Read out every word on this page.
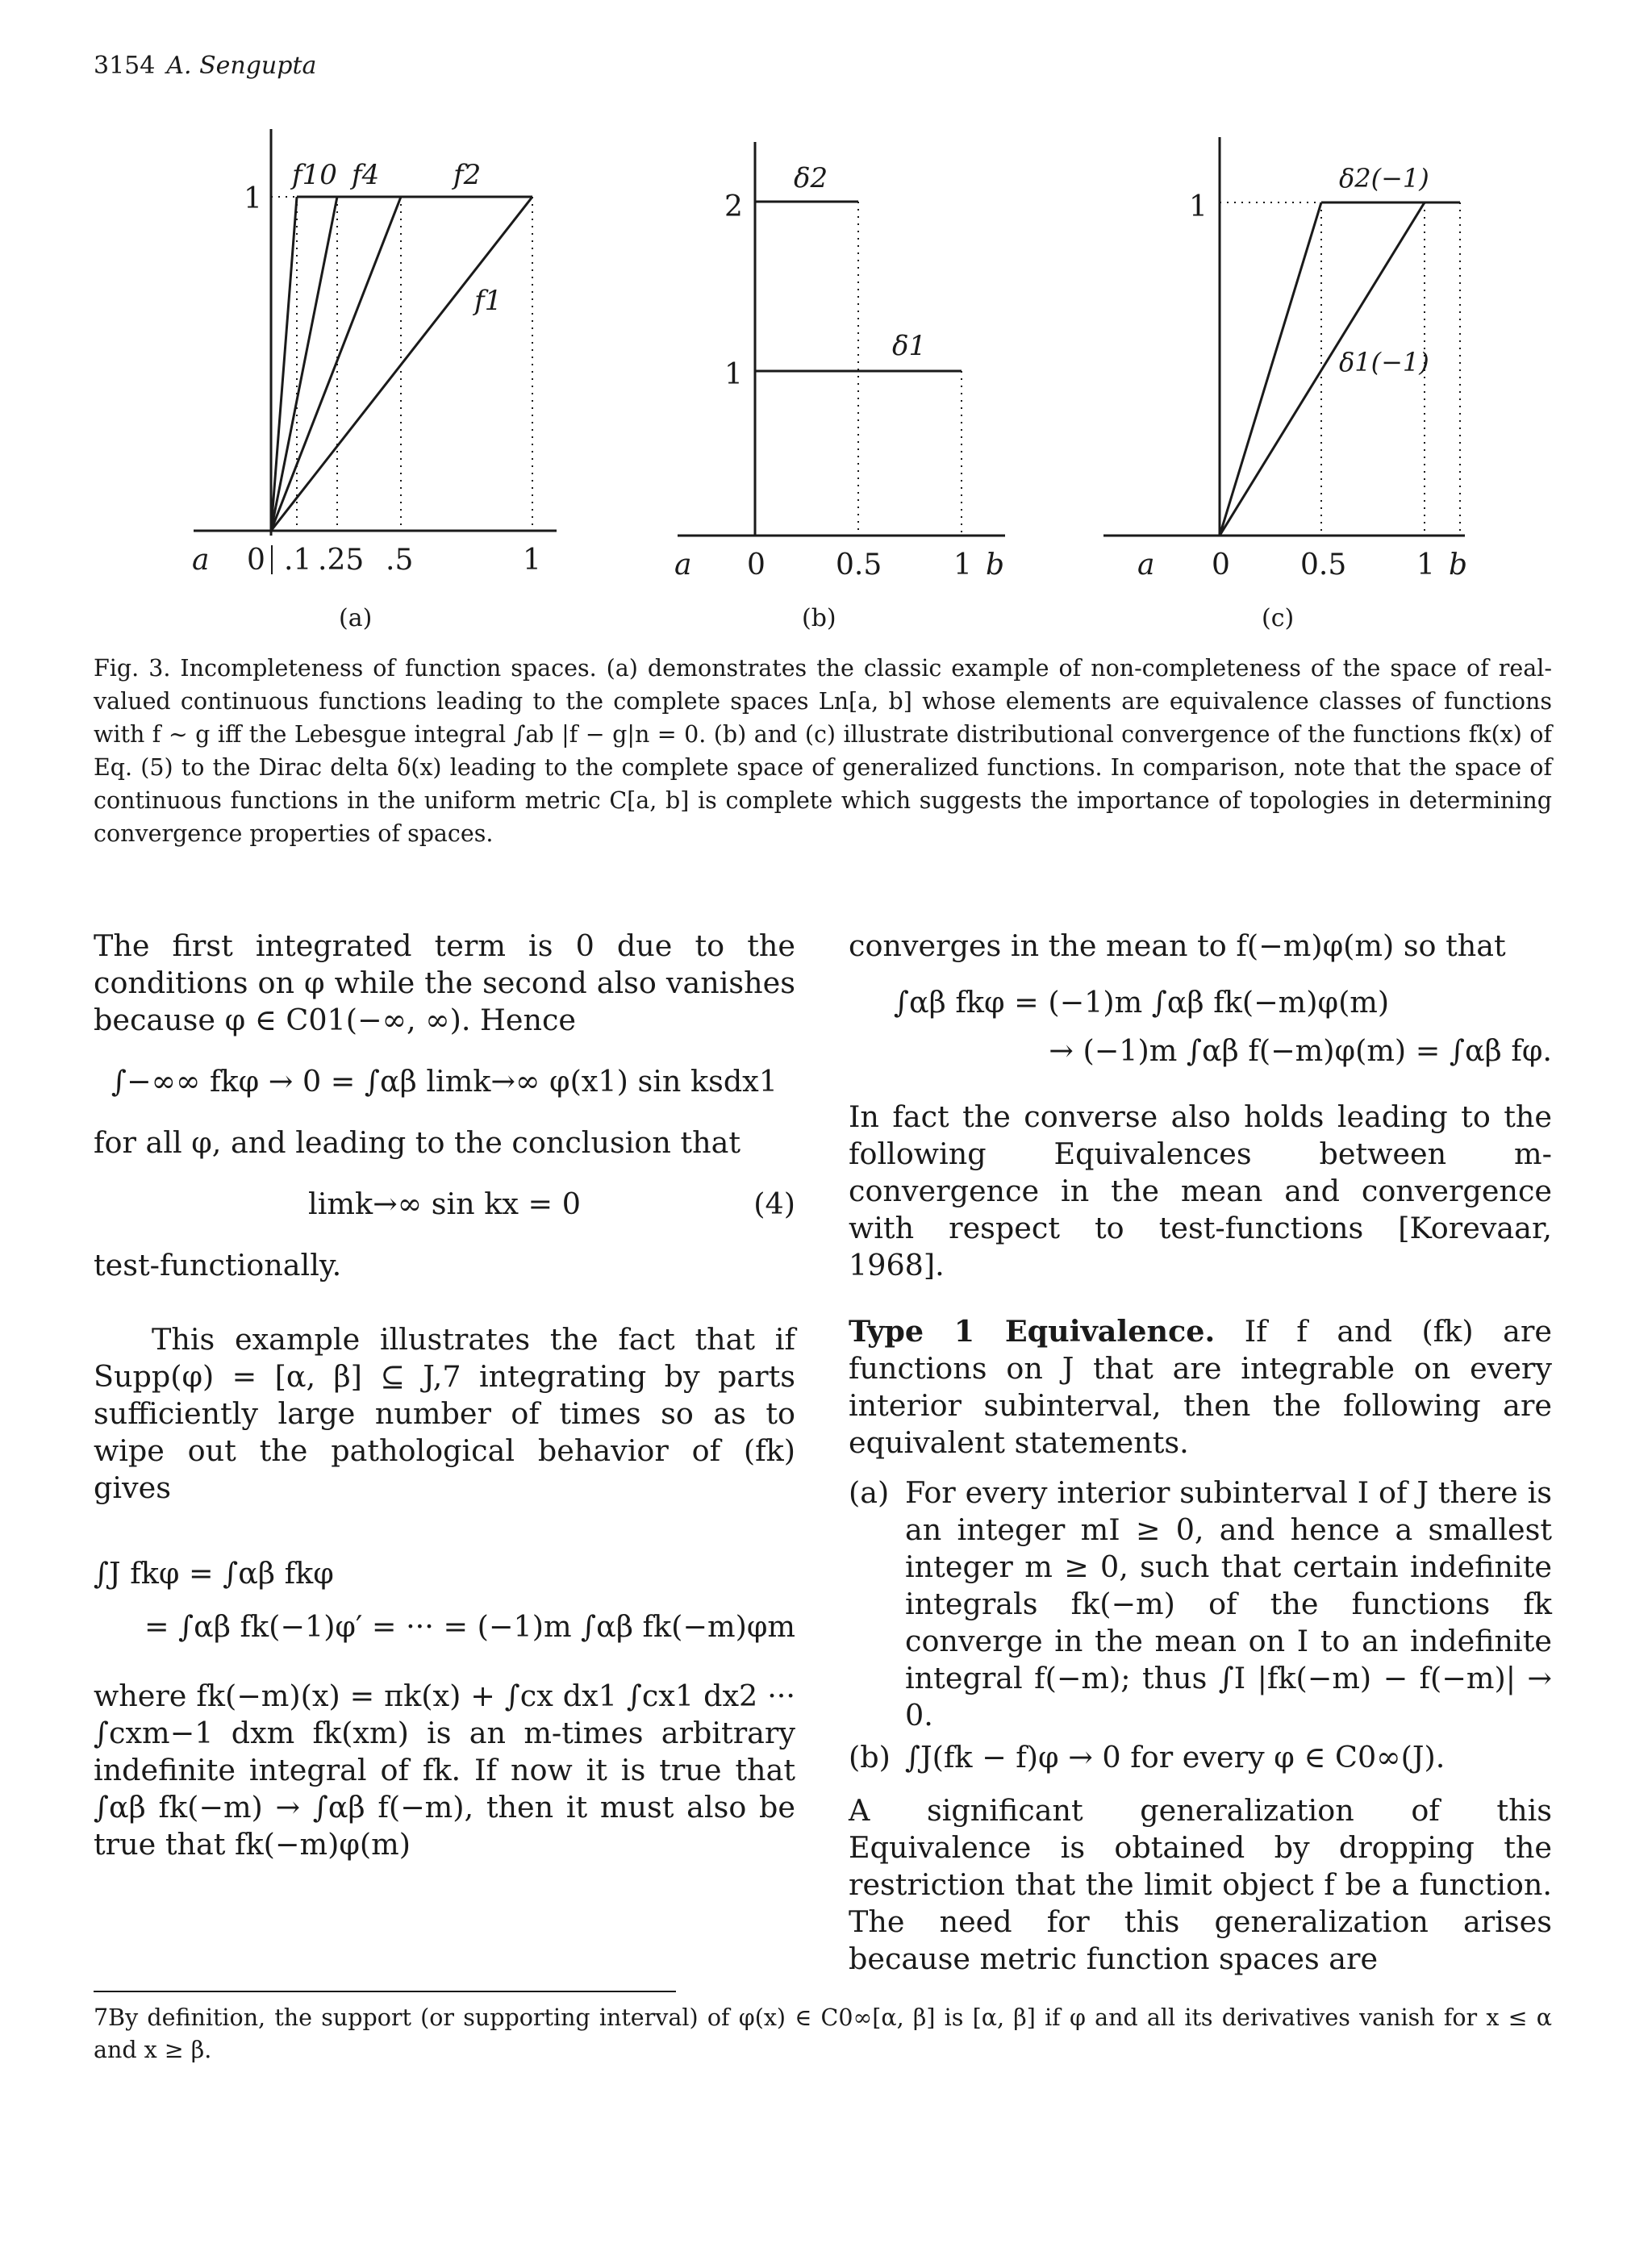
3154 A. Sengupta
1
a 0 .1 .25 .5	1
f10 f4	f2
f1
(a)
2
1
δ2
δ1
a 0 0.5 1 b
(b)
1
δ2(−1)
δ1(−1)
a 0 0.5 1 b
(c)
Fig. 3. Incompleteness of function spaces. (a) demonstrates the classic example of non-completeness of the space of real-valued continuous functions leading to the complete spaces Ln[a, b] whose elements are equivalence classes of functions with f ∼ g iff the Lebesgue integral ∫ab |f − g|n = 0. (b) and (c) illustrate distributional convergence of the functions fk(x) of Eq. (5) to the Dirac delta δ(x) leading to the complete space of generalized functions. In comparison, note that the space of continuous functions in the uniform metric C[a, b] is complete which suggests the importance of topologies in determining convergence properties of spaces.

The first integrated term is 0 due to the conditions on φ while the second also vanishes because φ ∈ C01(−∞, ∞). Hence

∫−∞∞ fkφ → 0 = ∫αβ limk→∞ φ(x1) sin ksdx1

for all φ, and leading to the conclusion that

limk→∞ sin kx = 0	(4)

test-functionally.

This example illustrates the fact that if Supp(φ) = [α, β] ⊆ J,7 integrating by parts sufficiently large number of times so as to wipe out the pathological behavior of (fk) gives

∫J fkφ = ∫αβ fkφ
= ∫αβ fk(−1)φ′ = ··· = (−1)m ∫αβ fk(−m)φm

where fk(−m)(x) = πk(x) + ∫cx dx1 ∫cx1 dx2 ··· ∫cxm−1 dxm fk(xm) is an m-times arbitrary indefinite integral of fk. If now it is true that ∫αβ fk(−m) → ∫αβ f(−m), then it must also be true that fk(−m)φ(m)

converges in the mean to f(−m)φ(m) so that

∫αβ fkφ = (−1)m ∫αβ fk(−m)φ(m)
→ (−1)m ∫αβ f(−m)φ(m) = ∫αβ fφ.

In fact the converse also holds leading to the following Equivalences between m-convergence in the mean and convergence with respect to test-functions [Korevaar, 1968].

Type 1 Equivalence. If f and (fk) are functions on J that are integrable on every interior subinterval, then the following are equivalent statements.

(a) For every interior subinterval I of J there is an integer mI ≥ 0, and hence a smallest integer m ≥ 0, such that certain indefinite integrals fk(−m) of the functions fk converge in the mean on I to an indefinite integral f(−m); thus ∫I |fk(−m) − f(−m)| → 0.
(b) ∫J(fk − f)φ → 0 for every φ ∈ C0∞(J).

A significant generalization of this Equivalence is obtained by dropping the restriction that the limit object f be a function. The need for this generalization arises because metric function spaces are

7By definition, the support (or supporting interval) of φ(x) ∈ C0∞[α, β] is [α, β] if φ and all its derivatives vanish for x ≤ α and x ≥ β.
